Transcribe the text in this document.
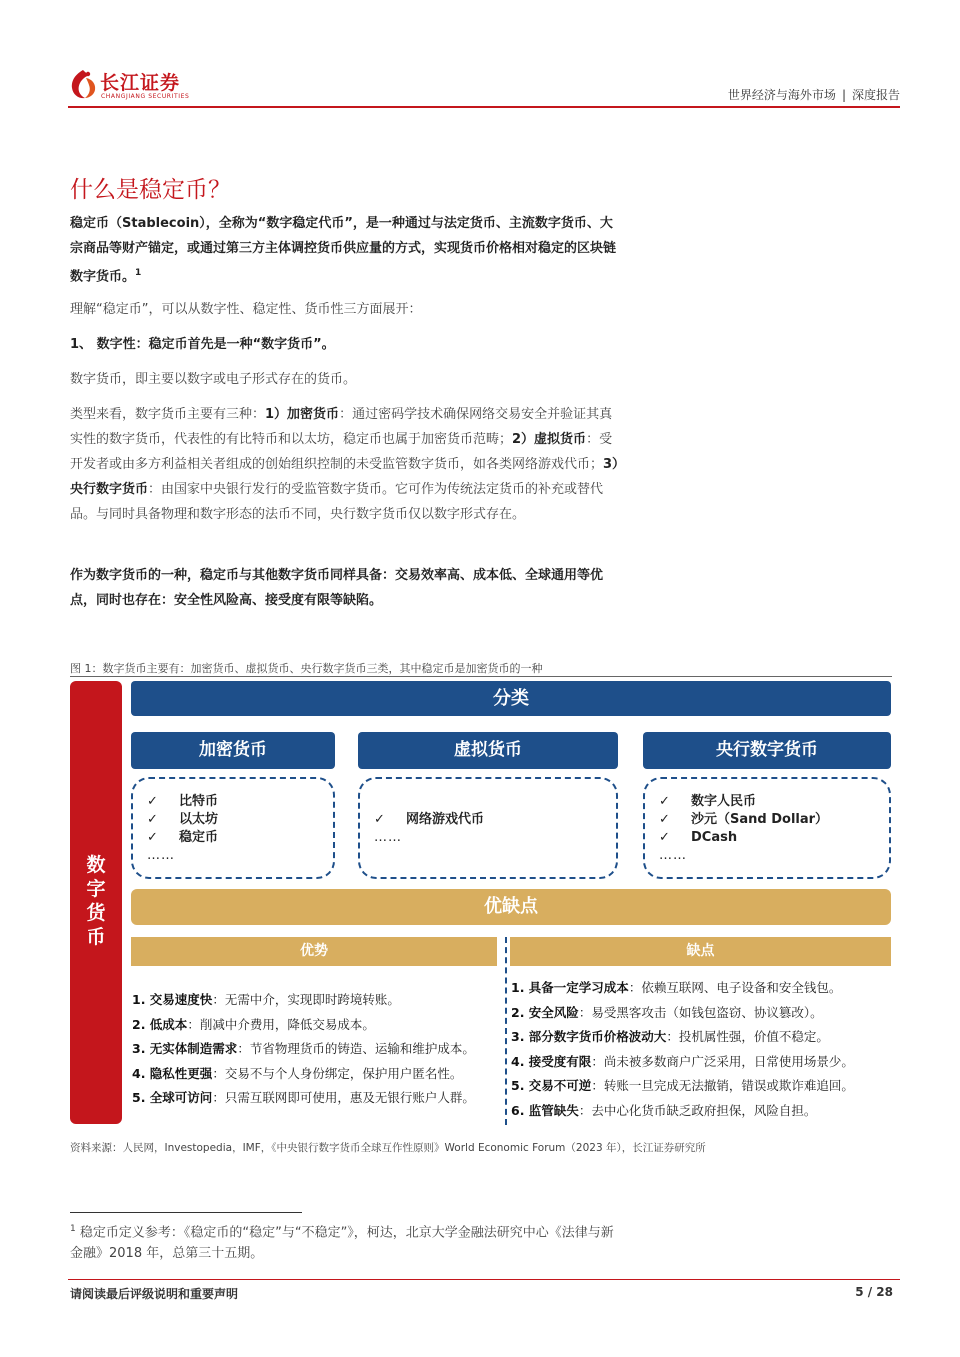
长江证券
CHANGJIANG SECURITIES	世界经济与海外市场 | 深度报告
什么是稳定币？
稳定币（Stablecoin），全称为“数字稳定代币”，是一种通过与法定货币、主流数字货币、大宗商品等财产锚定，或通过第三方主体调控货币供应量的方式，实现货币价格相对稳定的区块链数字货币。$^1$
理解“稳定币”，可以从数字性、稳定性、货币性三方面展开：
1、 数字性：稳定币首先是一种“数字货币”。
数字货币，即主要以数字或电子形式存在的货币。
类型来看，数字货币主要有三种：1）加密货币：通过密码学技术确保网络交易安全并验证其真实性的数字货币，代表性的有比特币和以太坊，稳定币也属于加密货币范畴；2）虚拟货币：受开发者或由多方利益相关者组成的创始组织控制的未受监管数字货币，如各类网络游戏代币；3）央行数字货币：由国家中央银行发行的受监管数字货币。它可作为传统法定货币的补充或替代品。与同时具备物理和数字形态的法币不同，央行数字货币仅以数字形式存在。
作为数字货币的一种，稳定币与其他数字货币同样具备：交易效率高、成本低、全球通用等优点，同时也存在：安全性风险高、接受度有限等缺陷。
图 1：数字货币主要有：加密货币、虚拟货币、央行数字货币三类，其中稳定币是加密货币的一种
数
字
货
币
分类
加密货币	虚拟货币	央行数字货币
✓	比特币
✓	以太坊
✓	稳定币
……
✓	网络游戏代币
……
✓	数字人民币
✓	沙元（Sand Dollar）
✓	DCash
……
优缺点
优势	缺点
1. 交易速度快：无需中介，实现即时跨境转账。
2. 低成本：削减中介费用，降低交易成本。
3. 无实体制造需求：节省物理货币的铸造、运输和维护成本。
4. 隐私性更强：交易不与个人身份绑定，保护用户匿名性。
5. 全球可访问：只需互联网即可使用，惠及无银行账户人群。
1. 具备一定学习成本：依赖互联网、电子设备和安全钱包。
2. 安全风险：易受黑客攻击（如钱包盗窃、协议篡改）。
3. 部分数字货币价格波动大：投机属性强，价值不稳定。
4. 接受度有限：尚未被多数商户广泛采用，日常使用场景少。
5. 交易不可逆：转账一旦完成无法撤销，错误或欺诈难追回。
6. 监管缺失：去中心化货币缺乏政府担保，风险自担。
资料来源：人民网，Investopedia，IMF，《中央银行数字货币全球互作性原则》World Economic Forum（2023 年），长江证券研究所
$^1$ 稳定币定义参考：《稳定币的“稳定”与“不稳定”》，柯达，北京大学金融法研究中心《法律与新金融》2018 年，总第三十五期。
请阅读最后评级说明和重要声明	5 / 28
